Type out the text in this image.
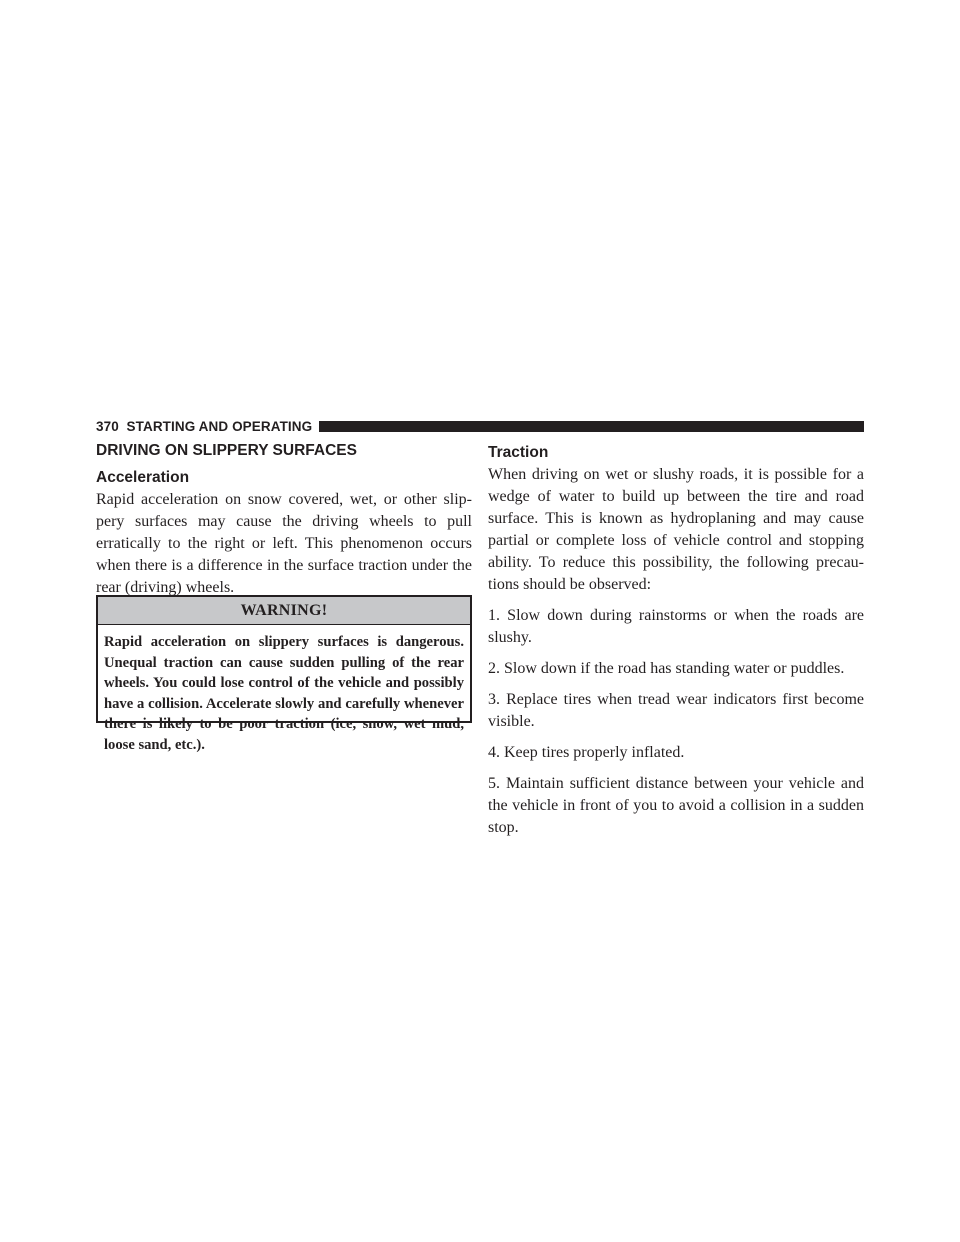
370 STARTING AND OPERATING
DRIVING ON SLIPPERY SURFACES
Acceleration

Rapid acceleration on snow covered, wet, or other slip- pery surfaces may cause the driving wheels to pull erratically to the right or left. This phenomenon occurs when there is a difference in the surface traction under the rear (driving) wheels.

WARNING!
Rapid acceleration on slippery surfaces is dangerous. Unequal traction can cause sudden pulling of the rear wheels. You could lose control of the vehicle and possibly have a collision. Accelerate slowly and carefully whenever there is likely to be poor traction (ice, snow, wet mud, loose sand, etc.).
Traction

When driving on wet or slushy roads, it is possible for a wedge of water to build up between the tire and road surface. This is known as hydroplaning and may cause partial or complete loss of vehicle control and stopping ability. To reduce this possibility, the following precau- tions should be observed:

1. Slow down during rainstorms or when the roads are slushy.

2. Slow down if the road has standing water or puddles.

3. Replace tires when tread wear indicators first become visible.

4. Keep tires properly inflated.

5. Maintain sufficient distance between your vehicle and the vehicle in front of you to avoid a collision in a sudden stop.
